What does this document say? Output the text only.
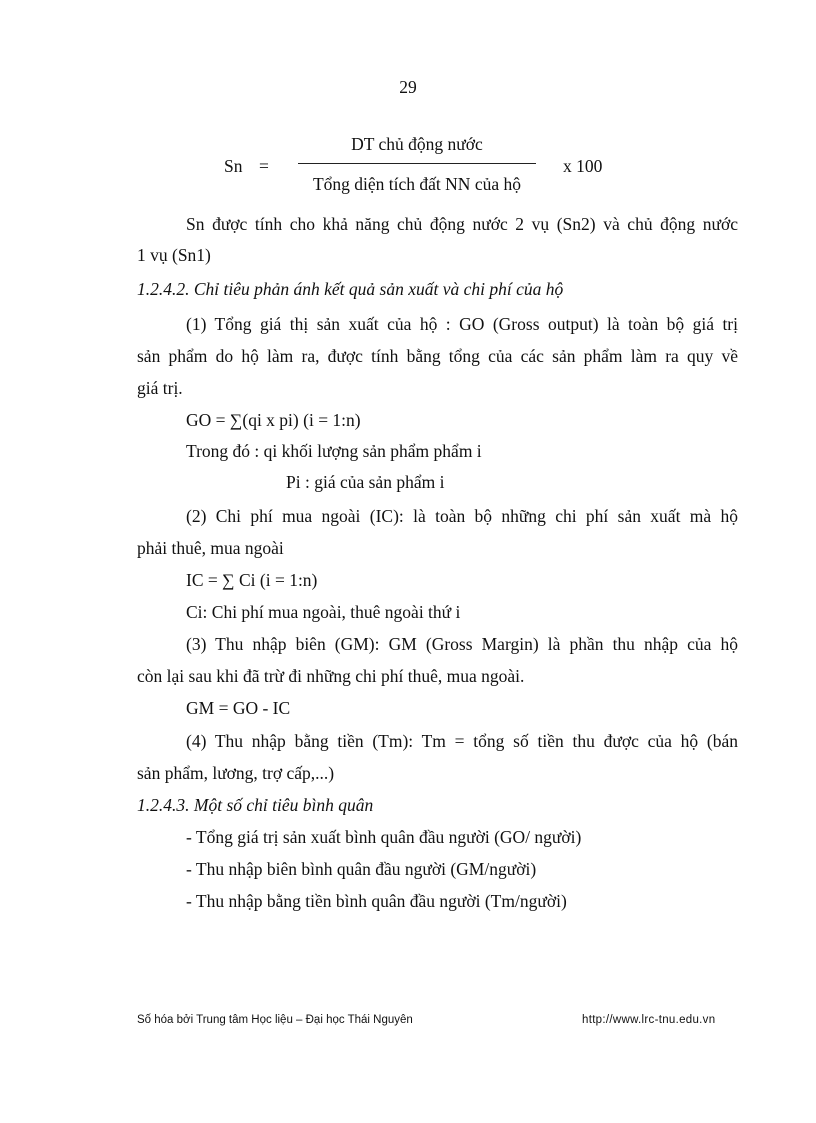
29
Sn =
DT chủ động nước
Tổng diện tích đất NN của hộ
x 100
Sn được tính cho khả năng chủ động nước 2 vụ (Sn2) và chủ động nước
1 vụ (Sn1)
1.2.4.2. Chỉ tiêu phản ánh kết quả sản xuất và chi phí của hộ
(1) Tổng giá thị sản xuất của hộ : GO (Gross output) là toàn bộ giá trị
sản phẩm do hộ làm ra, được tính bằng tổng của các sản phẩm làm ra quy về
giá trị.
GO = ∑(qi x pi) (i = 1:n)
Trong đó : qi khối lượng sản phẩm phẩm i
Pi : giá của sản phẩm i
(2) Chi phí mua ngoài (IC): là toàn bộ những chi phí sản xuất mà hộ
phải thuê, mua ngoài
IC = ∑ Ci (i = 1:n)
Ci: Chi phí mua ngoài, thuê ngoài thứ i
(3) Thu nhập biên (GM): GM (Gross Margin) là phần thu nhập của hộ
còn lại sau khi đã trừ đi những chi phí thuê, mua ngoài.
GM = GO - IC
(4) Thu nhập bằng tiền (Tm): Tm = tổng số tiền thu được của hộ (bán
sản phẩm, lương, trợ cấp,...)
1.2.4.3. Một số chỉ tiêu bình quân
- Tổng giá trị sản xuất bình quân đầu người (GO/ người)
- Thu nhập biên bình quân đầu người (GM/người)
- Thu nhập bằng tiền bình quân đầu người (Tm/người)
Số hóa bởi Trung tâm Học liệu – Đại học Thái Nguyên	http://www.lrc-tnu.edu.vn
